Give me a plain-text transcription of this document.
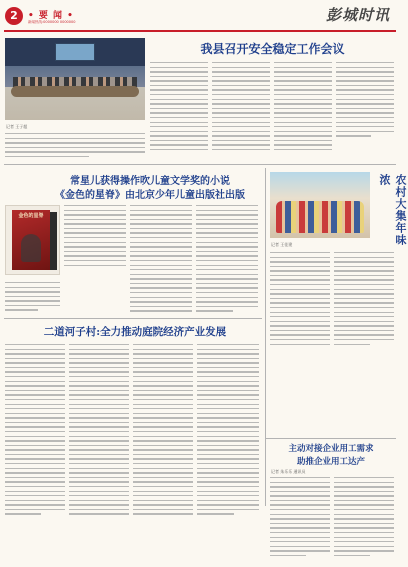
2	• 要 闻 •
新闻热线:0000000 0000000	彭城时讯
我县召开安全稳定工作会议
记者 王子超
常星儿获得操作吹儿童文学奖的小说
《金色的星脊》由北京少年儿童出版社出版
金色的星脊	农村大集年味浓
记者 王佳建
二道河子村:全力推动庭院经济产业发展
主动对接企业用工需求
助推企业用工达产
记者 朱乐乐 通讯员
